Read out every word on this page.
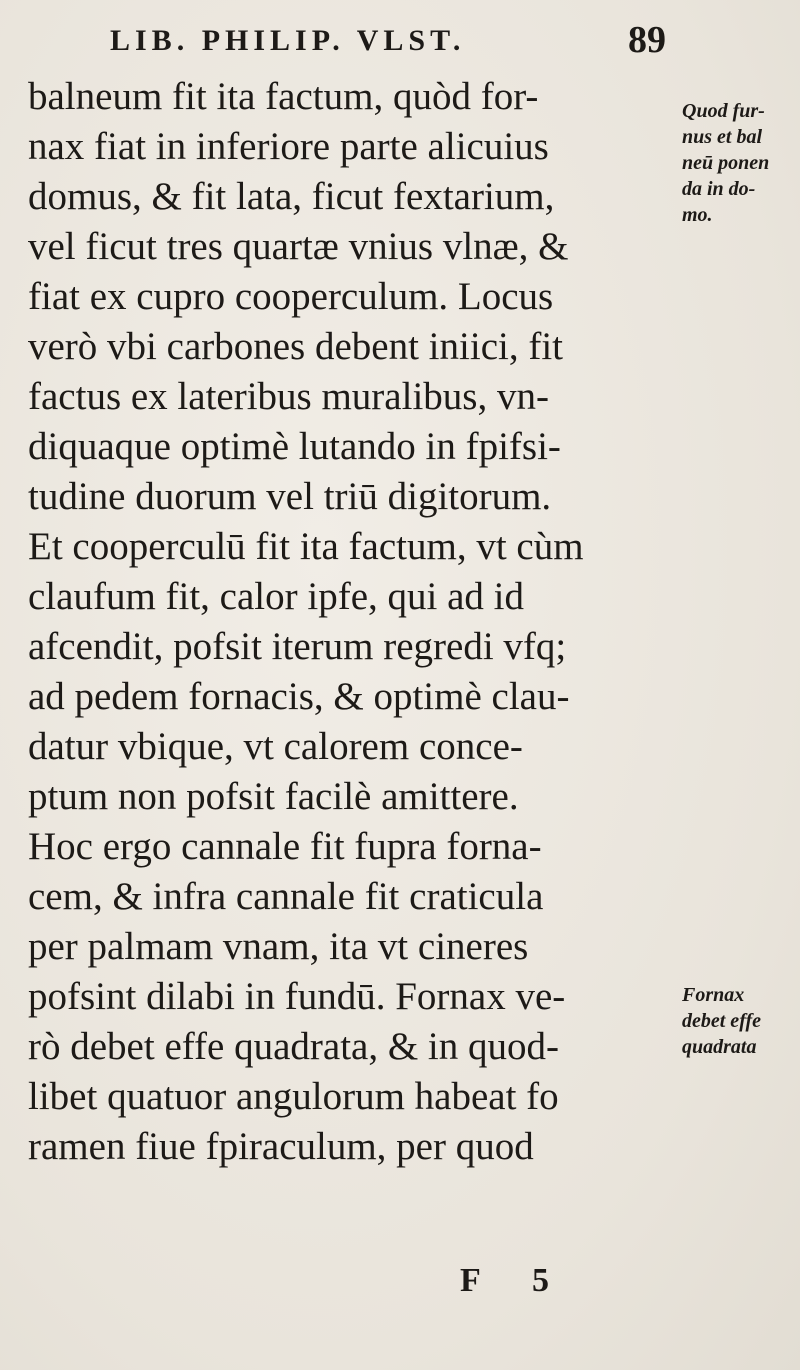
LIB. PHILIP. VLST.	89
balneum fit ita factum, quòd for-
nax fiat in inferiore parte alicuius
domus, & fit lata, ficut fextarium,
vel ficut tres quartæ vnius vlnæ, &
fiat ex cupro cooperculum. Locus
verò vbi carbones debent iniici, fit
factus ex lateribus muralibus, vn-
diquaque optimè lutando in fpifsi-
tudine duorum vel triū digitorum.
Et cooperculū fit ita factum, vt cùm
claufum fit, calor ipfe, qui ad id
afcendit, pofsit iterum regredi vfq;
ad pedem fornacis, & optimè clau-
datur vbique, vt calorem conce-
ptum non pofsit facilè amittere.
Hoc ergo cannale fit fupra forna-
cem, & infra cannale fit craticula
per palmam vnam, ita vt cineres
pofsint dilabi in fundū. Fornax ve-
rò debet effe quadrata, & in quod-
libet quatuor angulorum habeat fo
ramen fiue fpiraculum, per quod
Quod fur-
nus et bal
neū ponen
da in do-
mo.
Fornax
debet effe
quadrata
F 5
